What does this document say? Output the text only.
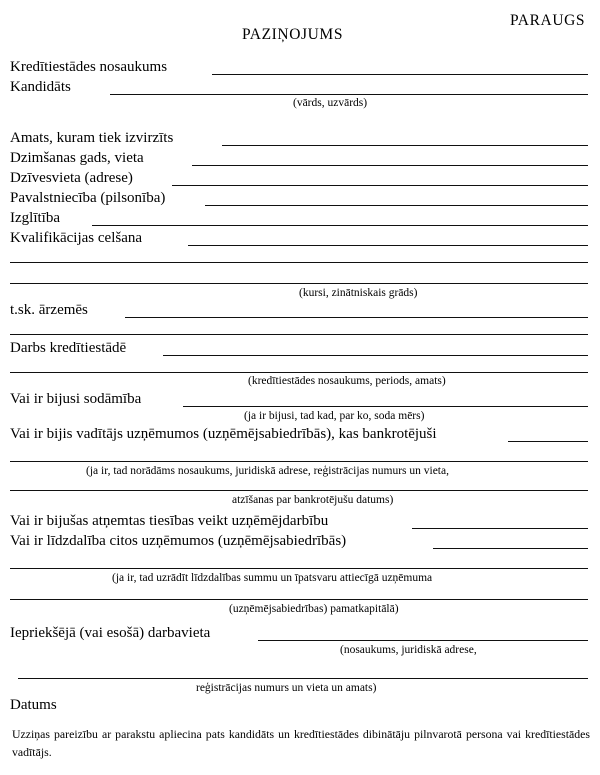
PARAUGS
PAZIŅOJUMS
Kredītiestādes nosaukums
Kandidāts
(vārds, uzvārds)
Amats, kuram tiek izvirzīts
Dzimšanas gads, vieta
Dzīvesvieta (adrese)
Pavalstniecība (pilsonība)
Izglītība
Kvalifikācijas celšana
(kursi, zinātniskais grāds)
t.sk. ārzemēs
Darbs kredītiestādē
(kredītiestādes nosaukums, periods, amats)
Vai ir bijusi sodāmība
(ja ir bijusi, tad kad, par ko, soda mērs)
Vai ir bijis vadītājs uzņēmumos (uzņēmējsabiedrībās), kas bankrotējuši
(ja ir, tad norādāms nosaukums, juridiskā adrese, reģistrācijas numurs un vieta,
atzīšanas par bankrotējušu datums)
Vai ir bijušas atņemtas tiesības veikt uzņēmējdarbību
Vai ir līdzdalība citos uzņēmumos (uzņēmējsabiedrībās)
(ja ir, tad uzrādīt līdzdalības summu un īpatsvaru attiecīgā uzņēmuma
(uzņēmējsabiedrības) pamatkapitālā)
Iepriekšējā (vai esošā) darbavieta
(nosaukums, juridiskā adrese,
reģistrācijas numurs un vieta un amats)
Datums
Uzziņas pareizību ar parakstu apliecina pats kandidāts un kredītiestādes dibinātāju pilnvarotā persona vai kredītiestādes vadītājs.
